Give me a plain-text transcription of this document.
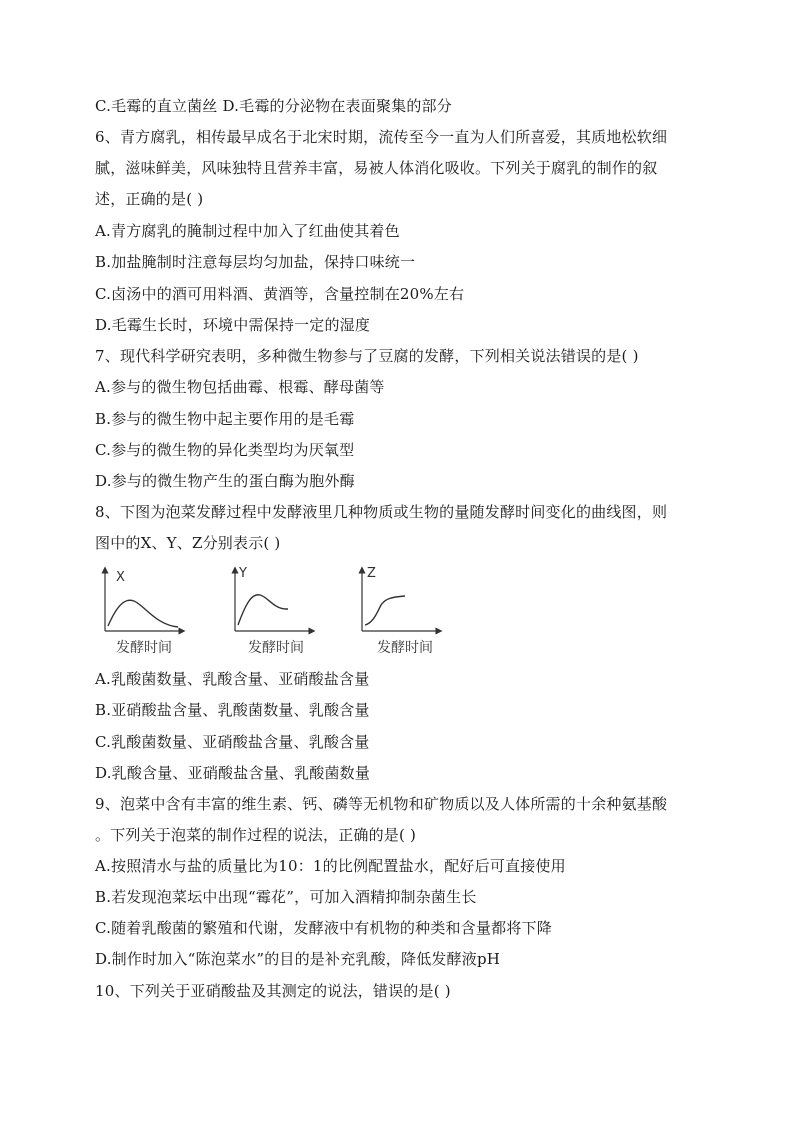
C.毛霉的直立菌丝 D.毛霉的分泌物在表面聚集的部分
6、青方腐乳，相传最早成名于北宋时期，流传至今一直为人们所喜爱，其质地松软细
腻，滋味鲜美，风味独特且营养丰富，易被人体消化吸收。下列关于腐乳的制作的叙
述，正确的是( )
A.青方腐乳的腌制过程中加入了红曲使其着色
B.加盐腌制时注意每层均匀加盐，保持口味统一
C.卤汤中的酒可用料酒、黄酒等，含量控制在20%左右
D.毛霉生长时，环境中需保持一定的湿度
7、现代科学研究表明，多种微生物参与了豆腐的发酵，下列相关说法错误的是( )
A.参与的微生物包括曲霉、根霉、酵母菌等
B.参与的微生物中起主要作用的是毛霉
C.参与的微生物的异化类型均为厌氧型
D.参与的微生物产生的蛋白酶为胞外酶
8、下图为泡菜发酵过程中发酵液里几种物质或生物的量随发酵时间变化的曲线图，则
图中的X、Y、Z分别表示( )
X
发酵时间
Y
发酵时间
Z
发酵时间
A.乳酸菌数量、乳酸含量、亚硝酸盐含量
B.亚硝酸盐含量、乳酸菌数量、乳酸含量
C.乳酸菌数量、亚硝酸盐含量、乳酸含量
D.乳酸含量、亚硝酸盐含量、乳酸菌数量
9、泡菜中含有丰富的维生素、钙、磷等无机物和矿物质以及人体所需的十余种氨基酸
。下列关于泡菜的制作过程的说法，正确的是( )
A.按照清水与盐的质量比为10：1的比例配置盐水，配好后可直接使用
B.若发现泡菜坛中出现“霉花”，可加入酒精抑制杂菌生长
C.随着乳酸菌的繁殖和代谢，发酵液中有机物的种类和含量都将下降
D.制作时加入“陈泡菜水”的目的是补充乳酸，降低发酵液pH
10、下列关于亚硝酸盐及其测定的说法，错误的是( )
